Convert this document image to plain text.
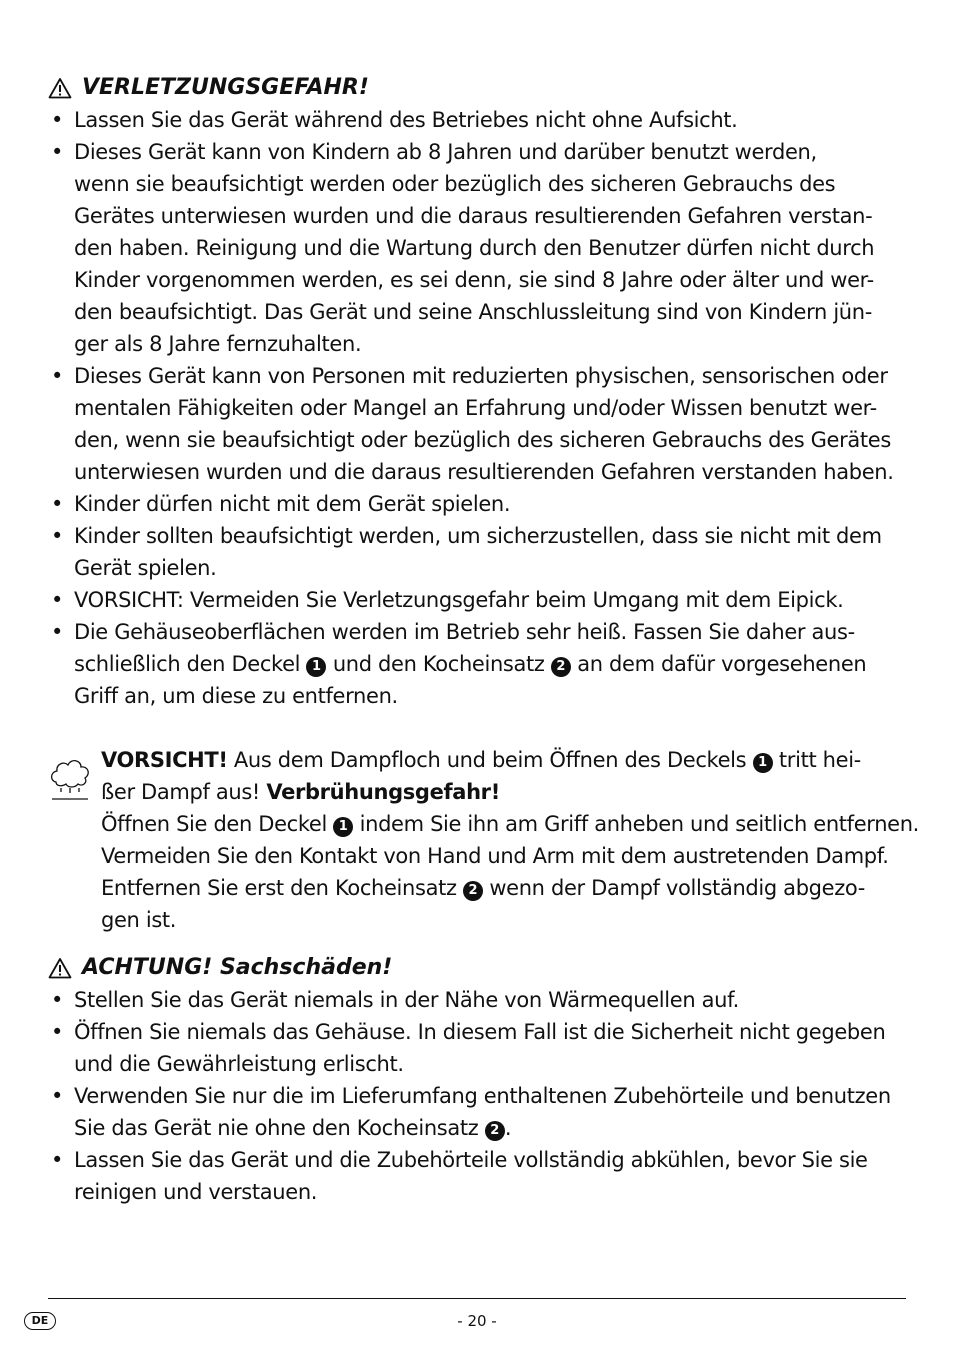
VERLETZUNGSGEFAHR!
• Lassen Sie das Gerät während des Betriebes nicht ohne Aufsicht.
• Dieses Gerät kann von Kindern ab 8 Jahren und darüber benutzt werden,
wenn sie beaufsichtigt werden oder bezüglich des sicheren Gebrauchs des
Gerätes unterwiesen wurden und die daraus resultierenden Gefahren verstan-
den haben. Reinigung und die Wartung durch den Benutzer dürfen nicht durch
Kinder vorgenommen werden, es sei denn, sie sind 8 Jahre oder älter und wer-
den beaufsichtigt. Das Gerät und seine Anschlussleitung sind von Kindern jün-
ger als 8 Jahre fernzuhalten.
• Dieses Gerät kann von Personen mit reduzierten physischen, sensorischen oder
mentalen Fähigkeiten oder Mangel an Erfahrung und/oder Wissen benutzt wer-
den, wenn sie beaufsichtigt oder bezüglich des sicheren Gebrauchs des Gerätes
unterwiesen wurden und die daraus resultierenden Gefahren verstanden haben.
• Kinder dürfen nicht mit dem Gerät spielen.
• Kinder sollten beaufsichtigt werden, um sicherzustellen, dass sie nicht mit dem
Gerät spielen.
• VORSICHT: Vermeiden Sie Verletzungsgefahr beim Umgang mit dem Eipick.
• Die Gehäuseoberflächen werden im Betrieb sehr heiß. Fassen Sie daher aus-
schließlich den Deckel 1 und den Kocheinsatz 2 an dem dafür vorgesehenen
Griff an, um diese zu entfernen.

VORSICHT! Aus dem Dampfloch und beim Öffnen des Deckels 1 tritt hei-

ßer Dampf aus! Verbrühungsgefahr!

Öffnen Sie den Deckel 1 indem Sie ihn am Griff anheben und seitlich entfernen.

Vermeiden Sie den Kontakt von Hand und Arm mit dem austretenden Dampf.

Entfernen Sie erst den Kocheinsatz 2 wenn der Dampf vollständig abgezo-

gen ist.

ACHTUNG! Sachschäden!
• Stellen Sie das Gerät niemals in der Nähe von Wärmequellen auf.
• Öffnen Sie niemals das Gehäuse. In diesem Fall ist die Sicherheit nicht gegeben
und die Gewährleistung erlischt.
• Verwenden Sie nur die im Lieferumfang enthaltenen Zubehörteile und benutzen
Sie das Gerät nie ohne den Kocheinsatz 2 .
• Lassen Sie das Gerät und die Zubehörteile vollständig abkühlen, bevor Sie sie
reinigen und verstauen.
DE	- 20 -
